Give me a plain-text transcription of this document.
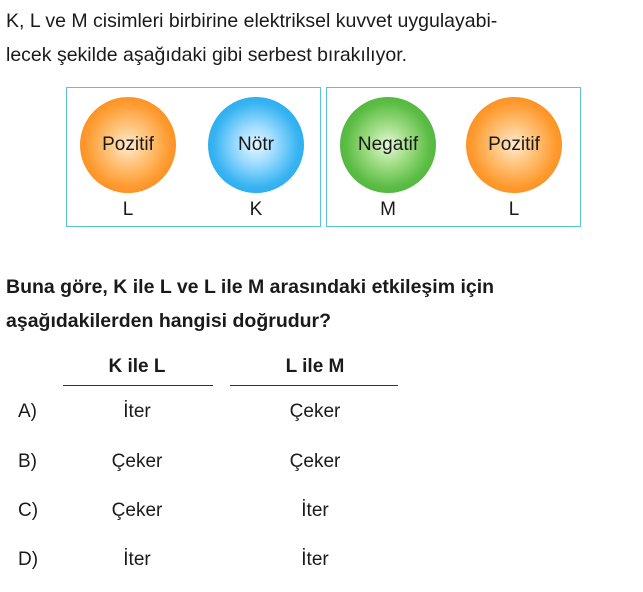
K, L ve M cisimleri birbirine elektriksel kuvvet uygulayabi-
lecek şekilde aşağıdaki gibi serbest bırakılıyor.

Pozitif	Nötr	Negatif	Pozitif
L	K	M	L

Buna göre, K ile L ve L ile M arasındaki etkileşim için
aşağıdakilerden hangisi doğrudur?

K ile L	L ile M
A)	İter	Çeker
B)	Çeker	Çeker
C)	Çeker	İter
D)	İter	İter
